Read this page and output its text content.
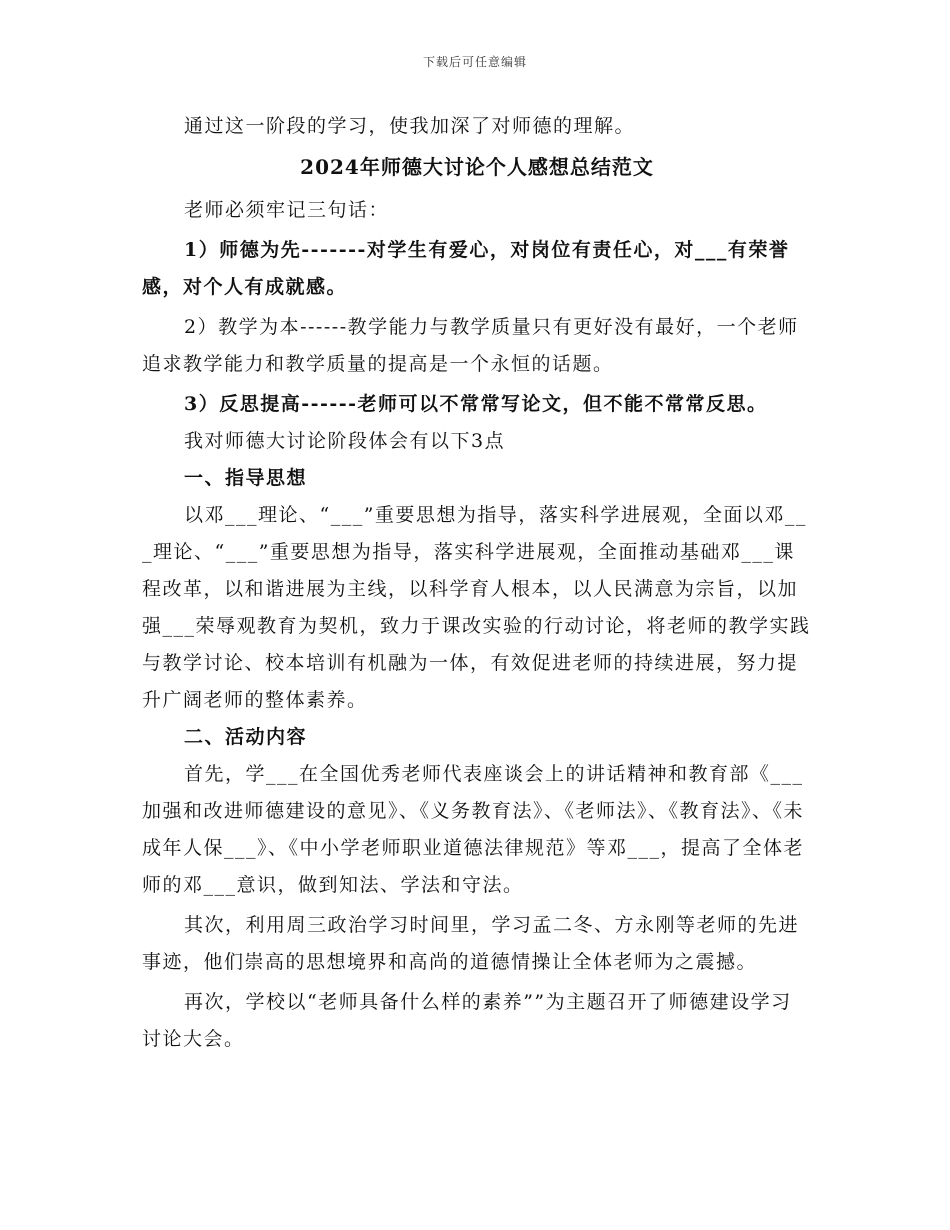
下载后可任意编辑

通过这一阶段的学习，使我加深了对师德的理解。

2024年师德大讨论个人感想总结范文

老师必须牢记三句话：

1）师德为先-------对学生有爱心，对岗位有责任心，对___有荣誉感，对个人有成就感。

2）教学为本------教学能力与教学质量只有更好没有最好，一个老师追求教学能力和教学质量的提高是一个永恒的话题。

3）反思提高------老师可以不常常写论文，但不能不常常反思。

我对师德大讨论阶段体会有以下3点

一、指导思想

以邓___理论、“___”重要思想为指导，落实科学进展观，全面以邓___理论、“___”重要思想为指导，落实科学进展观，全面推动基础邓___课程改革，以和谐进展为主线，以科学育人根本，以人民满意为宗旨，以加强___荣辱观教育为契机，致力于课改实验的行动讨论，将老师的教学实践与教学讨论、校本培训有机融为一体，有效促进老师的持续进展，努力提升广阔老师的整体素养。

二、活动内容

首先，学___在全国优秀老师代表座谈会上的讲话精神和教育部《___加强和改进师德建设的意见》、《义务教育法》、《老师法》、《教育法》、《未成年人保___》、《中小学老师职业道德法律规范》等邓___，提高了全体老师的邓___意识，做到知法、学法和守法。

其次，利用周三政治学习时间里，学习孟二冬、方永刚等老师的先进事迹，他们崇高的思想境界和高尚的道德情操让全体老师为之震撼。

再次，学校以“老师具备什么样的素养””为主题召开了师德建设学习讨论大会。
